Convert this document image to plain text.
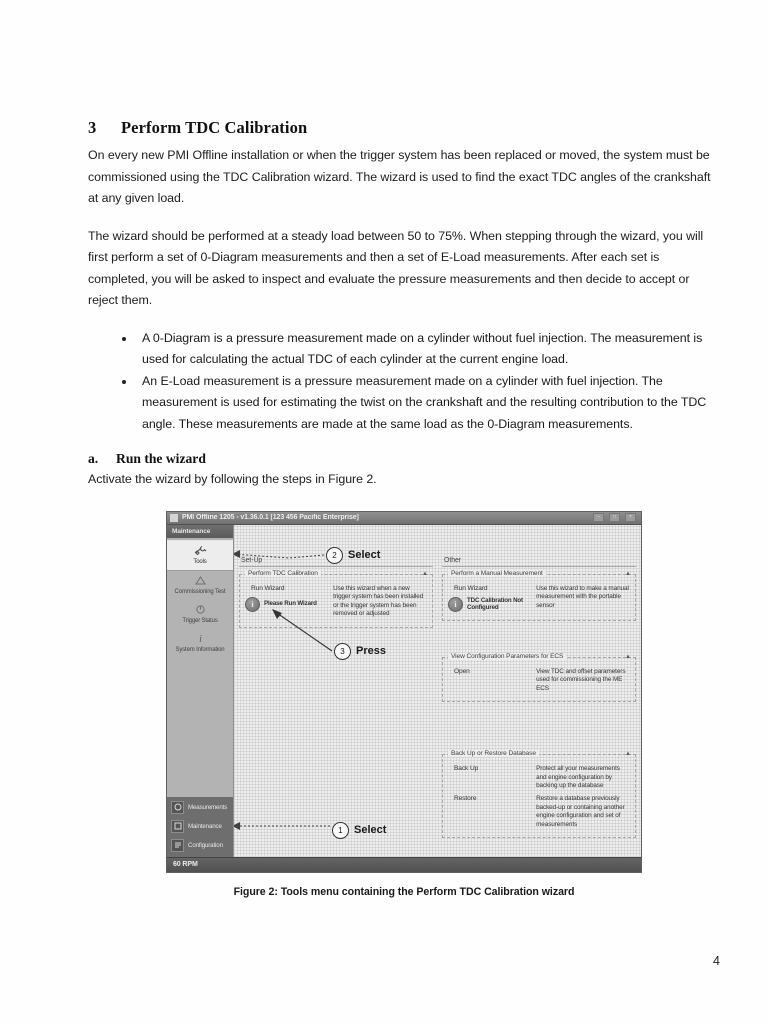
3	Perform TDC Calibration

On every new PMI Offline installation or when the trigger system has been replaced or moved, the system must be commissioned using the TDC Calibration wizard. The wizard is used to find the exact TDC angles of the crankshaft at any given load.

The wizard should be performed at a steady load between 50 to 75%. When stepping through the wizard, you will first perform a set of 0-Diagram measurements and then a set of E-Load measurements. After each set is completed, you will be asked to inspect and evaluate the pressure measurements and then decide to accept or reject them.

A 0-Diagram is a pressure measurement made on a cylinder without fuel injection. The measurement is used for calculating the actual TDC of each cylinder at the current engine load.
An E-Load measurement is a pressure measurement made on a cylinder with fuel injection. The measurement is used for estimating the twist on the crankshaft and the resulting contribution to the TDC angle. These measurements are made at the same load as the 0-Diagram measurements.
a.	Run the wizard

Activate the wizard by following the steps in Figure 2.

PMI Offline 1205 - v1.36.0.1 [123 456 Pacific Enterprise]	–	□	×
Maintenance
Tools
Commissioning Test
Trigger Status
i
System Information
Measurements
Maintenance
Configuration
Set-Up
Perform TDC Calibration	▲
Run Wizard
i	Please Run Wizard
Use this wizard when a new trigger system has been installed or the trigger system has been removed or adjusted
Other
Perform a Manual Measurement	▲
Run Wizard
i	TDC Calibration Not Configured
Use this wizard to make a manual measurement with the portable sensor
View Configuration Parameters for ECS	▲
Open	View TDC and offset parameters used for commissioning the ME ECS
Back Up or Restore Database	▲
Back Up	Protect all your measurements and engine configuration by backing up the database
Restore	Restore a database previously backed-up or containing another engine configuration and set of measurements
2	Select
3	Press
1	Select
60 RPM
Figure 2: Tools menu containing the Perform TDC Calibration wizard
4
